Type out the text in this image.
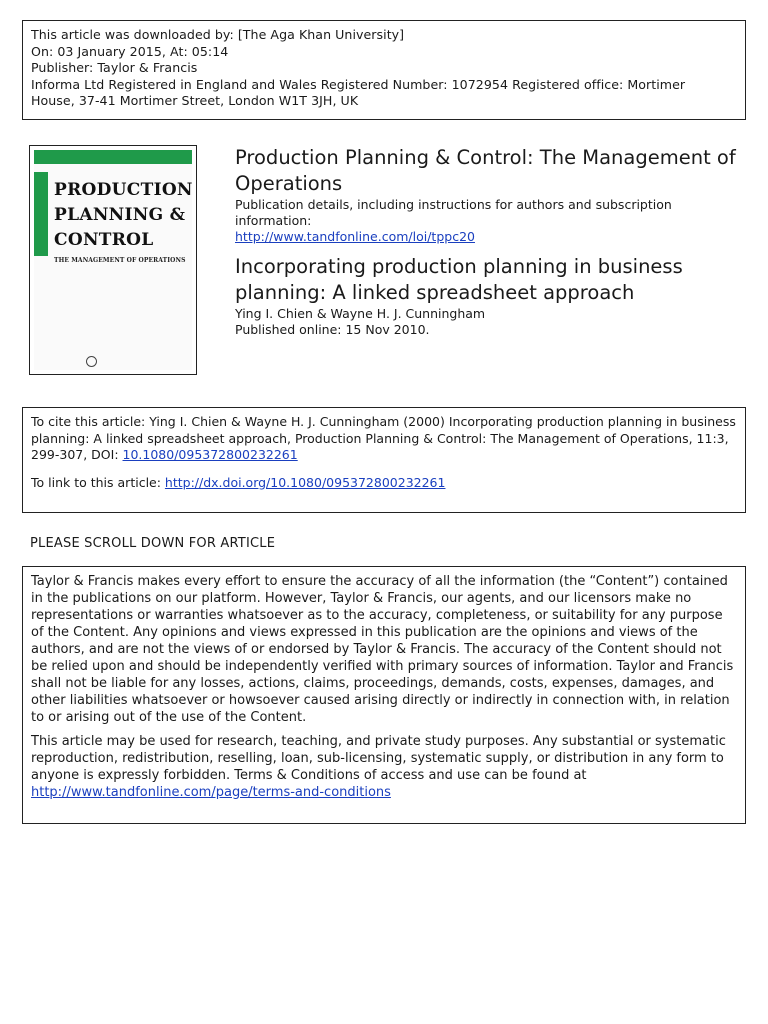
This article was downloaded by: [The Aga Khan University]
On: 03 January 2015, At: 05:14
Publisher: Taylor & Francis
Informa Ltd Registered in England and Wales Registered Number: 1072954 Registered office: Mortimer
House, 37-41 Mortimer Street, London W1T 3JH, UK
PRODUCTION
PLANNING &
CONTROL
THE MANAGEMENT OF OPERATIONS
Production Planning & Control: The Management of Operations
Publication details, including instructions for authors and subscription information:
http://www.tandfonline.com/loi/tppc20
Incorporating production planning in business planning: A linked spreadsheet approach
Ying I. Chien & Wayne H. J. Cunningham
Published online: 15 Nov 2010.
To cite this article: Ying I. Chien & Wayne H. J. Cunningham (2000) Incorporating production planning in business planning: A linked spreadsheet approach, Production Planning & Control: The Management of Operations, 11:3, 299-307, DOI: 10.1080/095372800232261
To link to this article: http://dx.doi.org/10.1080/095372800232261
PLEASE SCROLL DOWN FOR ARTICLE

Taylor & Francis makes every effort to ensure the accuracy of all the information (the “Content”) contained in the publications on our platform. However, Taylor & Francis, our agents, and our licensors make no representations or warranties whatsoever as to the accuracy, completeness, or suitability for any purpose of the Content. Any opinions and views expressed in this publication are the opinions and views of the authors, and are not the views of or endorsed by Taylor & Francis. The accuracy of the Content should not be relied upon and should be independently verified with primary sources of information. Taylor and Francis shall not be liable for any losses, actions, claims, proceedings, demands, costs, expenses, damages, and other liabilities whatsoever or howsoever caused arising directly or indirectly in connection with, in relation to or arising out of the use of the Content.

This article may be used for research, teaching, and private study purposes. Any substantial or systematic reproduction, redistribution, reselling, loan, sub-licensing, systematic supply, or distribution in any form to anyone is expressly forbidden. Terms & Conditions of access and use can be found at http://www.tandfonline.com/page/terms-and-conditions
